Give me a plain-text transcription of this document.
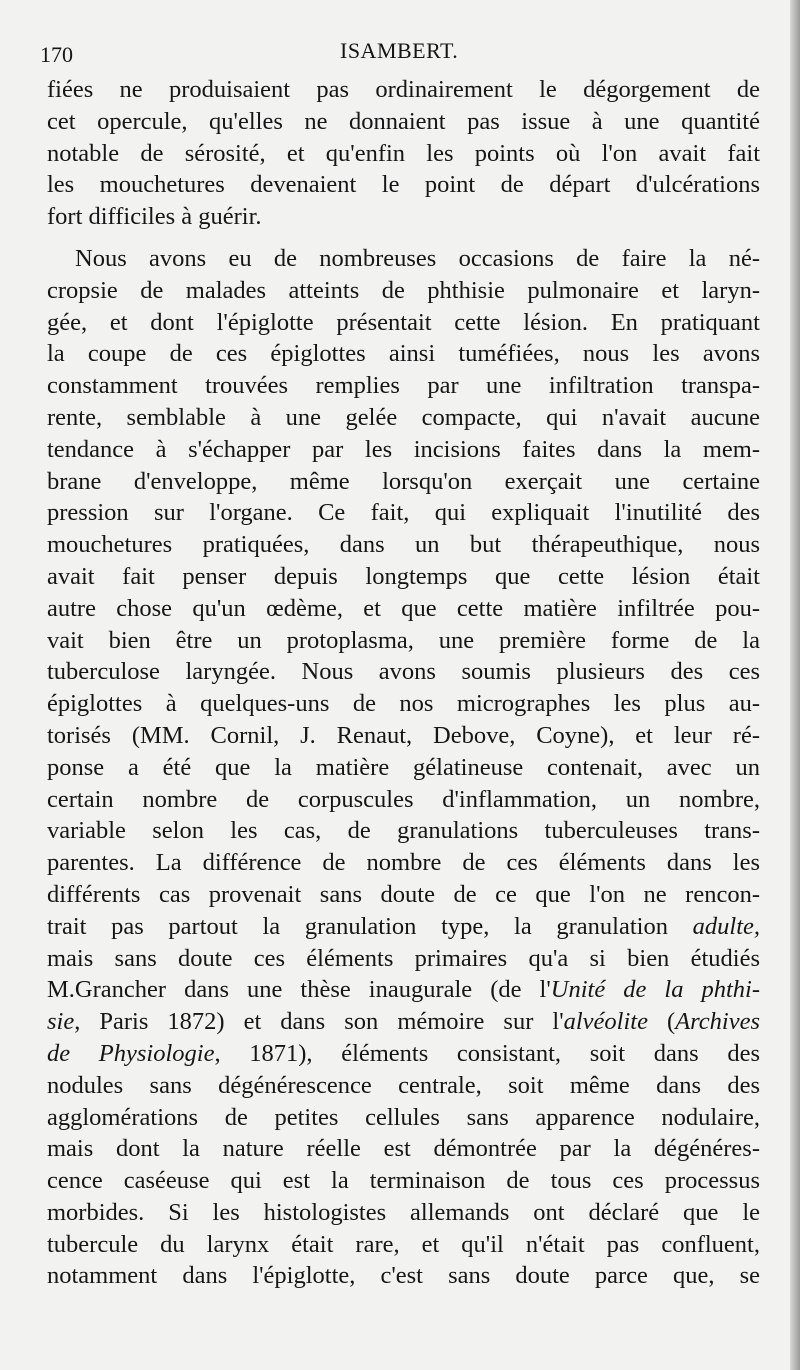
170	ISAMBERT.
fiées ne produisaient pas ordinairement le dégorgement de
cet opercule, qu'elles ne donnaient pas issue à une quantité
notable de sérosité, et qu'enfin les points où l'on avait fait
les mouchetures devenaient le point de départ d'ulcérations
fort difficiles à guérir.
Nous avons eu de nombreuses occasions de faire la né-
cropsie de malades atteints de phthisie pulmonaire et laryn-
gée, et dont l'épiglotte présentait cette lésion. En pratiquant
la coupe de ces épiglottes ainsi tuméfiées, nous les avons
constamment trouvées remplies par une infiltration transpa-
rente, semblable à une gelée compacte, qui n'avait aucune
tendance à s'échapper par les incisions faites dans la mem-
brane d'enveloppe, même lorsqu'on exerçait une certaine
pression sur l'organe. Ce fait, qui expliquait l'inutilité des
mouchetures pratiquées, dans un but thérapeuthique, nous
avait fait penser depuis longtemps que cette lésion était
autre chose qu'un œdème, et que cette matière infiltrée pou-
vait bien être un protoplasma, une première forme de la
tuberculose laryngée. Nous avons soumis plusieurs des ces
épiglottes à quelques-uns de nos micrographes les plus au-
torisés (MM. Cornil, J. Renaut, Debove, Coyne), et leur ré-
ponse a été que la matière gélatineuse contenait, avec un
certain nombre de corpuscules d'inflammation, un nombre,
variable selon les cas, de granulations tuberculeuses trans-
parentes. La différence de nombre de ces éléments dans les
différents cas provenait sans doute de ce que l'on ne rencon-
trait pas partout la granulation type, la granulation adulte,
mais sans doute ces éléments primaires qu'a si bien étudiés
M.Grancher dans une thèse inaugurale (de l'Unité de la phthi-
sie, Paris 1872) et dans son mémoire sur l'alvéolite (Archives
de Physiologie, 1871), éléments consistant, soit dans des
nodules sans dégénérescence centrale, soit même dans des
agglomérations de petites cellules sans apparence nodulaire,
mais dont la nature réelle est démontrée par la dégénéres-
cence caséeuse qui est la terminaison de tous ces processus
morbides. Si les histologistes allemands ont déclaré que le
tubercule du larynx était rare, et qu'il n'était pas confluent,
notamment dans l'épiglotte, c'est sans doute parce que, se
